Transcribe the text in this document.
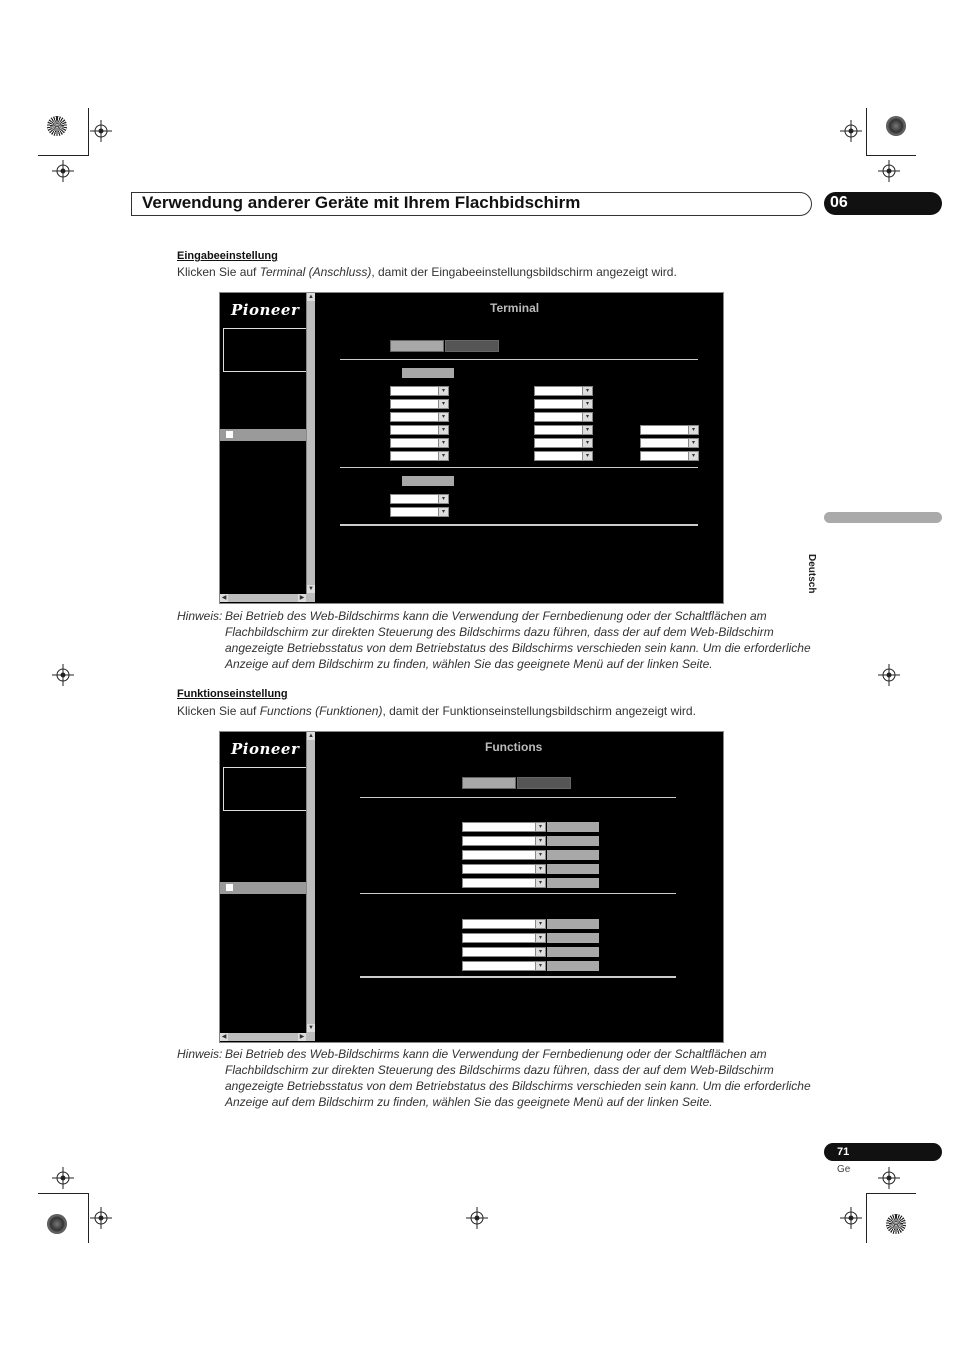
Verwendung anderer Geräte mit Ihrem Flachbidschirm	06
Deutsch
Eingabeeinstellung
Klicken Sie auf Terminal (Anschluss), damit der Eingabeeinstellungsbildschirm angezeigt wird.
Pioneer
▲
▼
◀	▶
Terminal
▾
▾
▾
▾
▾
▾
▾
▾
▾
▾
▾
▾
▾
▾
▾
▾
▾
Hinweis: Bei Betrieb des Web-Bildschirms kann die Verwendung der Fernbedienung oder der Schaltflächen am Flachbildschirm zur direkten Steuerung des Bildschirms dazu führen, dass der auf dem Web-Bildschirm angezeigte Betriebsstatus von dem Betriebstatus des Bildschirms verschieden sein kann. Um die erforderliche Anzeige auf dem Bildschirm zu finden, wählen Sie das geeignete Menü auf der linken Seite.
Funktionseinstellung
Klicken Sie auf Functions (Funktionen), damit der Funktionseinstellungsbildschirm angezeigt wird.
Pioneer
▲
▼
◀	▶
Functions
▾
▾
▾
▾
▾
▾
▾
▾
▾
Hinweis: Bei Betrieb des Web-Bildschirms kann die Verwendung der Fernbedienung oder der Schaltflächen am Flachbildschirm zur direkten Steuerung des Bildschirms dazu führen, dass der auf dem Web-Bildschirm angezeigte Betriebsstatus von dem Betriebstatus des Bildschirms verschieden sein kann. Um die erforderliche Anzeige auf dem Bildschirm zu finden, wählen Sie das geeignete Menü auf der linken Seite.
71
Ge
